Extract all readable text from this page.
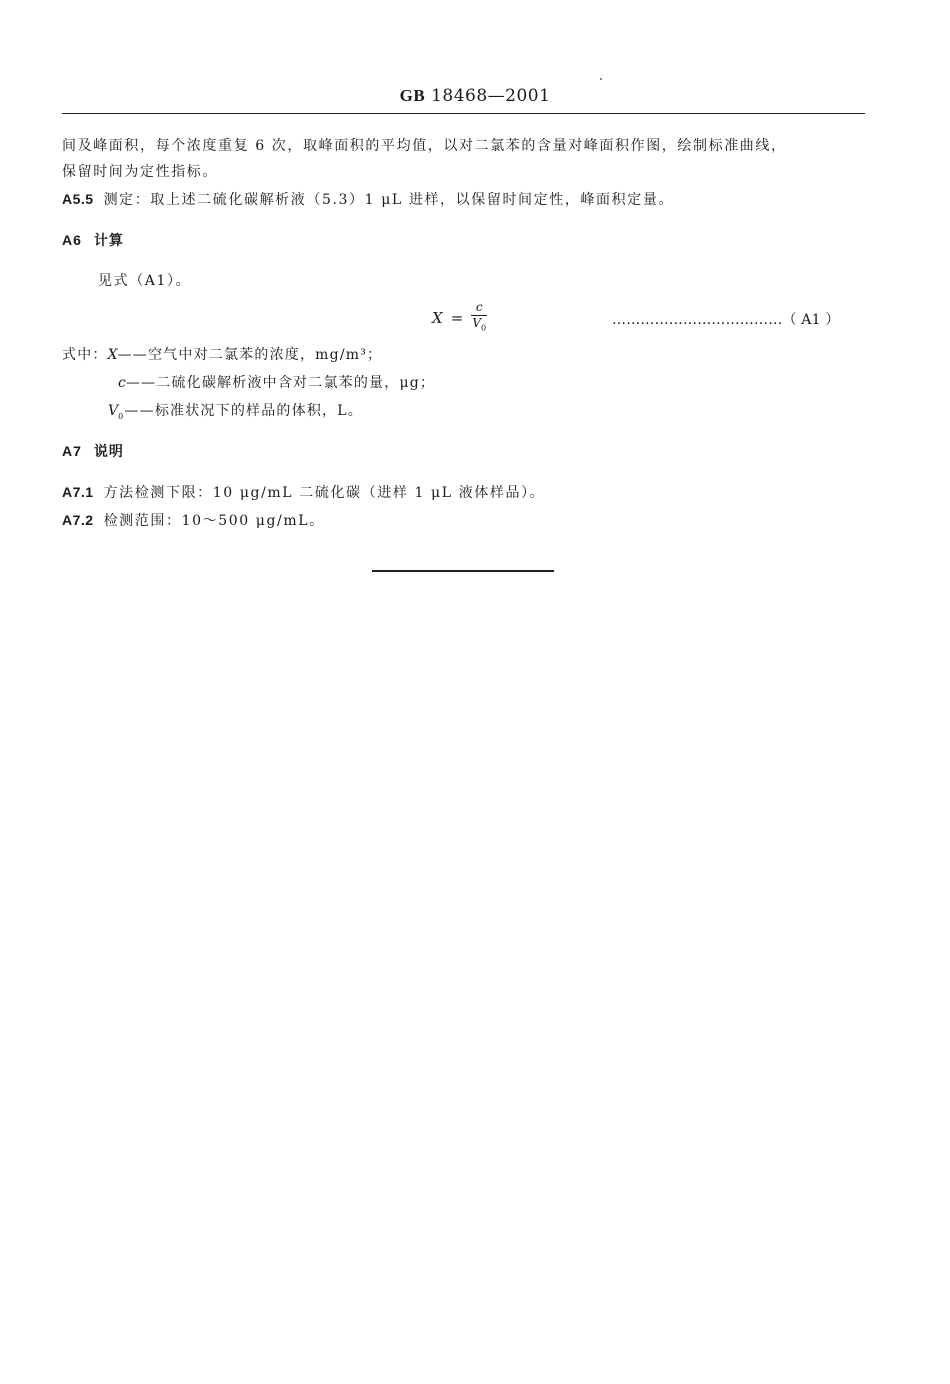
GB 18468—2001
间及峰面积，每个浓度重复 6 次，取峰面积的平均值，以对二氯苯的含量对峰面积作图，绘制标准曲线，
保留时间为定性指标。
A5.5 测定：取上述二硫化碳解析液（5.3）1 μL 进样，以保留时间定性，峰面积定量。
A6 计算
见式（A1）。
$X = \frac{c}{V_0}$	………………………………（ A1 ）
式中：X——空气中对二氯苯的浓度，mg/m³；
c——二硫化碳解析液中含对二氯苯的量，μg；
$V_0——$标准状况下的样品的体积，L。
A7 说明
A7.1 方法检测下限：10 μg/mL 二硫化碳（进样 1 μL 液体样品）。
A7.2 检测范围：10～500 μg/mL。
